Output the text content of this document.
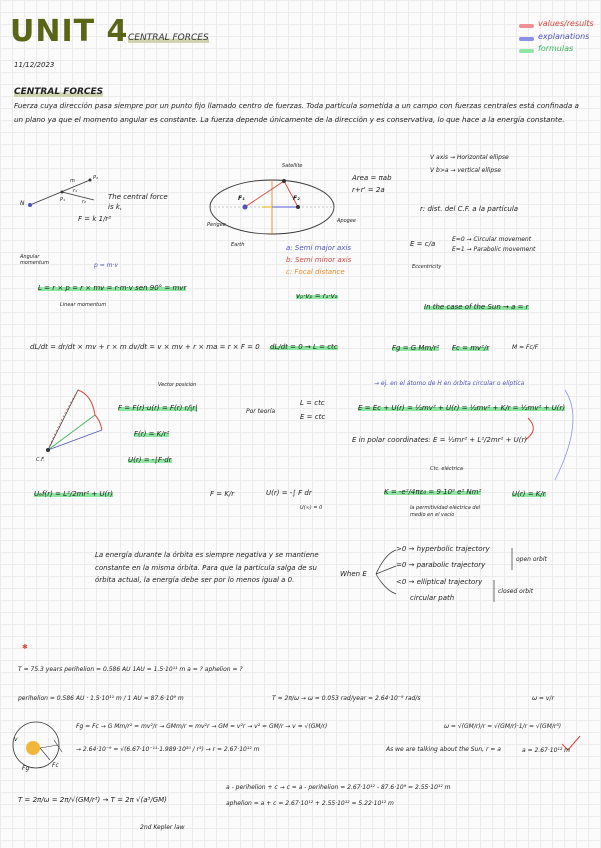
UNIT 4 CENTRAL FORCES
11/12/2023
values/results
explanations
formulas
CENTRAL FORCES
Fuerza cuya dirección pasa siempre por un punto fijo llamado centro de fuerzas. Toda partícula sometida a un campo con fuerzas centrales está confinada a un plano ya que el momento angular es constante. La fuerza depende únicamente de la dirección y es conservativa, lo que hace a la energía constante.
N	P₁
P₂
r₁
r₂
m
The central force is k,
F = k 1/r²
Satellite
Perigee
Apogee
Earth
F₁	F₂
a: Semi major axis
b: Semi minor axis
c: Focal distance
Area = πab
r+r' = 2a
vₚ·vₚ = rₐ·vₐ
V axis → Horizontal ellipse
V b>a → vertical ellipse
r: dist. del C.F. a la partícula
E = c/a
E=0 → Circular movement
E=1 → Parabolic movement
Eccentricity
Angular momentum	p = m·v
L = r × p = r × mv = r·m·v sen 90° = mvr
Linear momentum	In the case of the Sun → a = r
dL/dt = dr/dt × mv + r × m dv/dt = v × mv + r × ma = r × F = 0 dL/dt = 0 → L = ctc	Fg = G Mm/r² Fc = mv²/r	M = Fc/F
Vector posición
F = F(r)·u(r) = F(r) r/|r|
F(r) = K/r²
U(r) = -∫F·dr
Por teoría
L = ctc
E = ctc
C.F.
→ ej. en el átomo de H en órbita circular o elíptica
E = Ec + U(r) = ½mv² + U(r) = ½mv² + K/r = ½mv² + U(r)
E in polar coordinates: E = ½mr² + L²/2mr² + U(r)
Uₑf(r) = L²/2mr² + U(r)	F = K/r	U(r) = -∫ F dr
U(∞) = 0
Ctc. eléctrica
K = -e²/4πε₀ = 9·10⁹ e² Nm²
la permitividad eléctrica del medio en el vacío
U(r) = K/r
La energía durante la órbita es siempre negativa y se mantiene constante en la misma órbita. Para que la partícula salga de su órbita actual, la energía debe ser por lo menos igual a 0.
When E
>0 → hyperbolic trajectory
=0 → parabolic trajectory
<0 → elliptical trajectory
circular path
open orbit
closed orbit
✱
T = 75.3 years perihelion = 0.586 AU 1AU = 1.5·10¹¹ m a = ? aphelion = ?
perihelion = 0.586 AU · 1.5·10¹¹ m / 1 AU = 87.6·10⁹ m	T = 2π/ω → ω = 0.053 rad/year = 2.64·10⁻⁹ rad/s	ω = v/r
Fg = Fc → G Mm/r² = mv²/r → GMm/r = mv²r → GM = v²r → v² = GM/r → v = √(GM/r)	ω = √(GM/r)/r = √(GM/r)·1/r = √(GM/r³)
→ 2.64·10⁻⁹ = √(6.67·10⁻¹¹·1.989·10³⁰ / r³) → r = 2.67·10¹² m	As we are talking about the Sun, r = a	a = 2.67·10¹² m
v
Fg	Fc
a - perihelion + c → c = a - perihelion = 2.67·10¹² - 87.6·10⁹ = 2.55·10¹² m
aphelion = a + c = 2.67·10¹² + 2.55·10¹² = 5.22·10¹² m
T = 2π/ω = 2π/√(GM/r³) → T = 2π √(a³/GM)
2nd Kepler law
